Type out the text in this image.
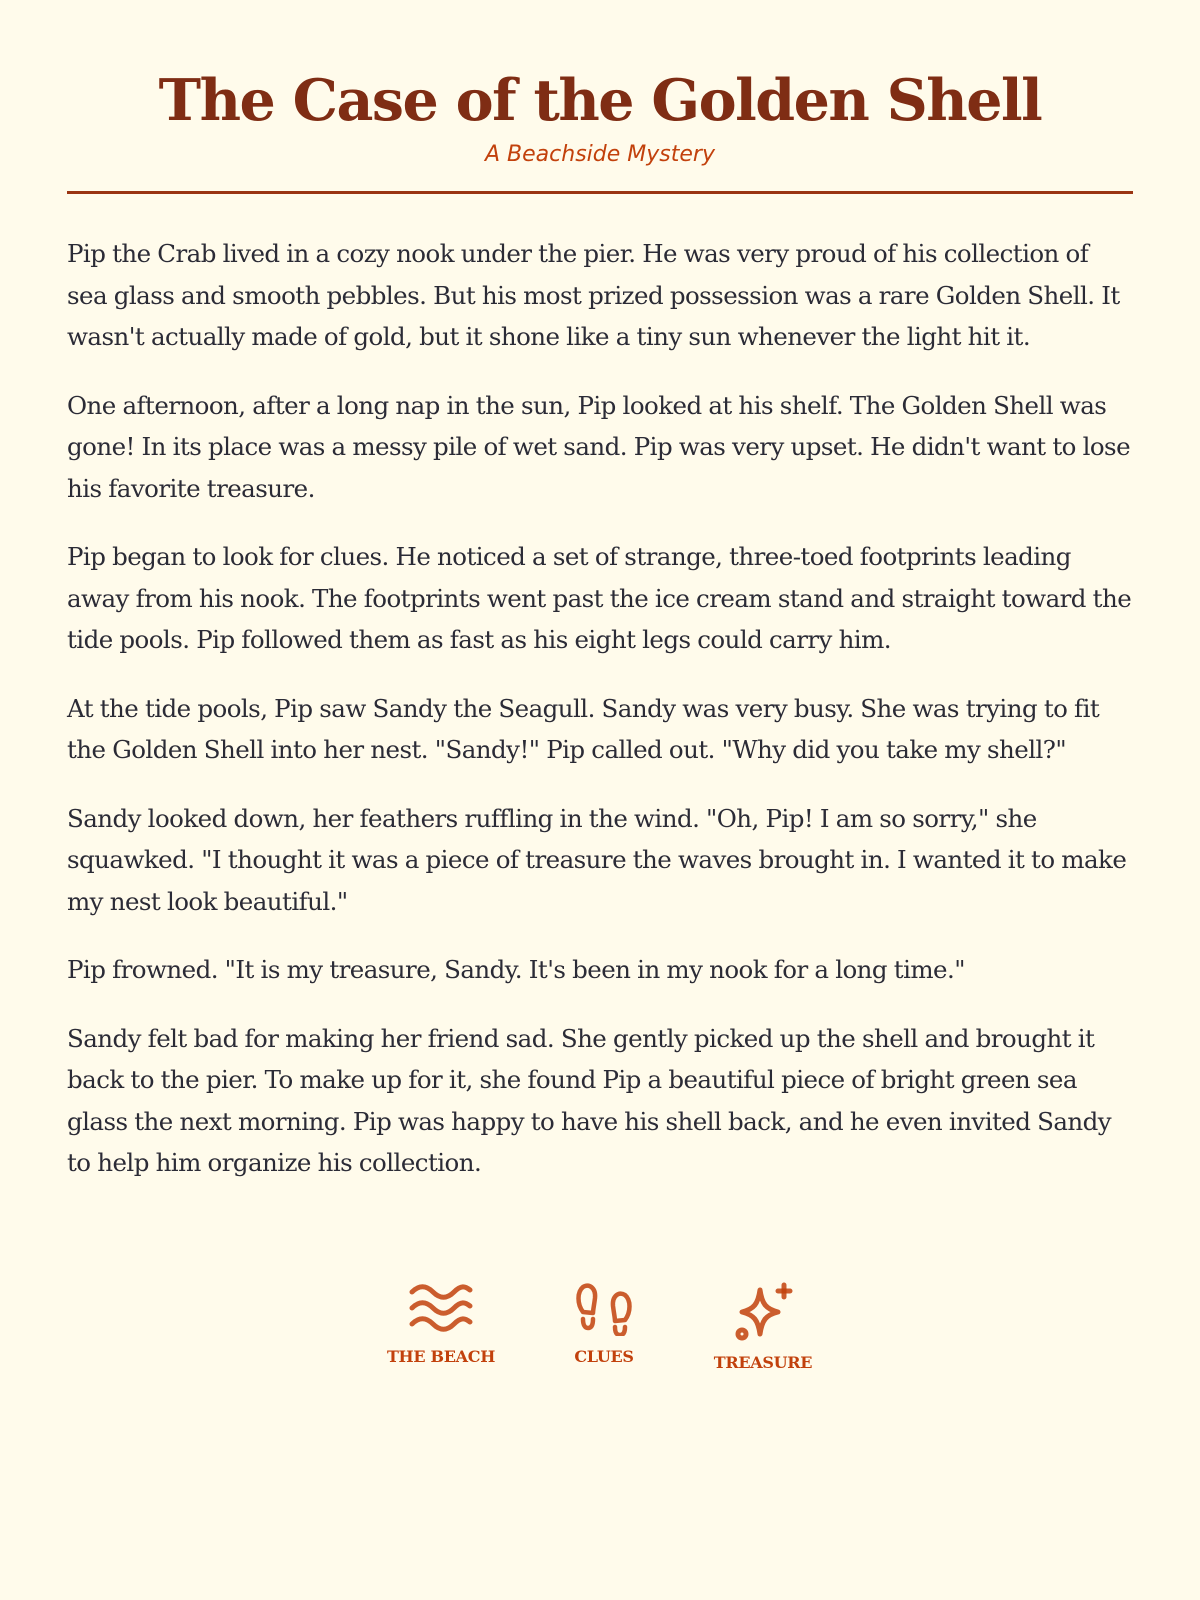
The Case of the Golden Shell
A Beachside Mystery

Pip the Crab lived in a cozy nook under the pier. He was very proud of his collection of sea glass and smooth pebbles. But his most prized possession was a rare Golden Shell. It wasn't actually made of gold, but it shone like a tiny sun whenever the light hit it.

One afternoon, after a long nap in the sun, Pip looked at his shelf. The Golden Shell was gone! In its place was a messy pile of wet sand. Pip was very upset. He didn't want to lose his favorite treasure.

Pip began to look for clues. He noticed a set of strange, three-toed footprints leading away from his nook. The footprints went past the ice cream stand and straight toward the tide pools. Pip followed them as fast as his eight legs could carry him.

At the tide pools, Pip saw Sandy the Seagull. Sandy was very busy. She was trying to fit the Golden Shell into her nest. "Sandy!" Pip called out. "Why did you take my shell?"

Sandy looked down, her feathers ruffling in the wind. "Oh, Pip! I am so sorry," she squawked. "I thought it was a piece of treasure the waves brought in. I wanted it to make my nest look beautiful."

Pip frowned. "It is my treasure, Sandy. It's been in my nook for a long time."

Sandy felt bad for making her friend sad. She gently picked up the shell and brought it back to the pier. To make up for it, she found Pip a beautiful piece of bright green sea glass the next morning. Pip was happy to have his shell back, and he even invited Sandy to help him organize his collection.

THE BEACH	CLUES	TREASURE
